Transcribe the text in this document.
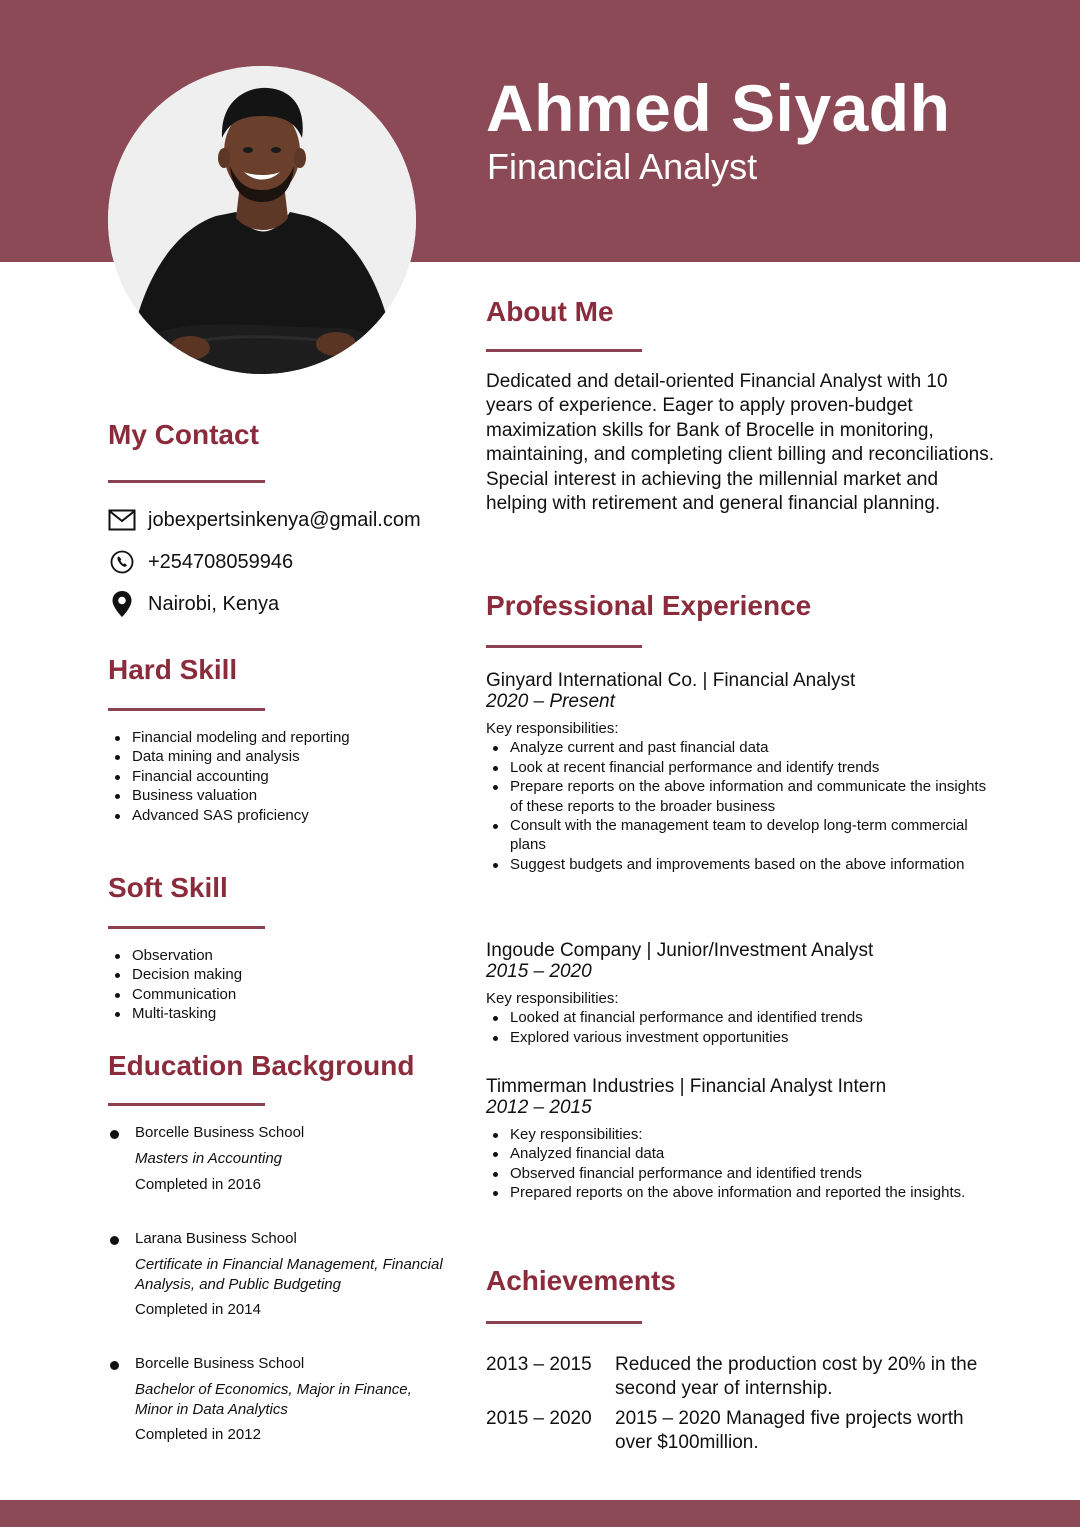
Ahmed Siyadh
Financial Analyst
My Contact
jobexpertsinkenya@gmail.com
+254708059946
Nairobi, Kenya
Hard Skill
Financial modeling and reporting
Data mining and analysis
Financial accounting
Business valuation
Advanced SAS proficiency
Soft Skill
Observation
Decision making
Communication
Multi-tasking
Education Background
Borcelle Business School
Masters in Accounting
Completed in 2016
Larana Business School
Certificate in Financial Management, Financial Analysis, and Public Budgeting
Completed in 2014
Borcelle Business School
Bachelor of Economics, Major in Finance, Minor in Data Analytics
Completed in 2012
About Me
Dedicated and detail-oriented Financial Analyst with 10 years of experience. Eager to apply proven-budget maximization skills for Bank of Brocelle in monitoring, maintaining, and completing client billing and reconciliations. Special interest in achieving the millennial market and helping with retirement and general financial planning.
Professional Experience
Ginyard International Co. | Financial Analyst
2020 – Present
Key responsibilities:
Analyze current and past financial data
Look at recent financial performance and identify trends
Prepare reports on the above information and communicate the insights of these reports to the broader business
Consult with the management team to develop long-term commercial plans
Suggest budgets and improvements based on the above information
Ingoude Company | Junior/Investment Analyst
2015 – 2020
Key responsibilities:
Looked at financial performance and identified trends
Explored various investment opportunities
Timmerman Industries | Financial Analyst Intern
2012 – 2015
Key responsibilities:
Analyzed financial data
Observed financial performance and identified trends
Prepared reports on the above information and reported the insights.
Achievements
2013 – 2015	Reduced the production cost by 20% in the second year of internship.
2015 – 2020	2015 – 2020 Managed five projects worth over $100million.
